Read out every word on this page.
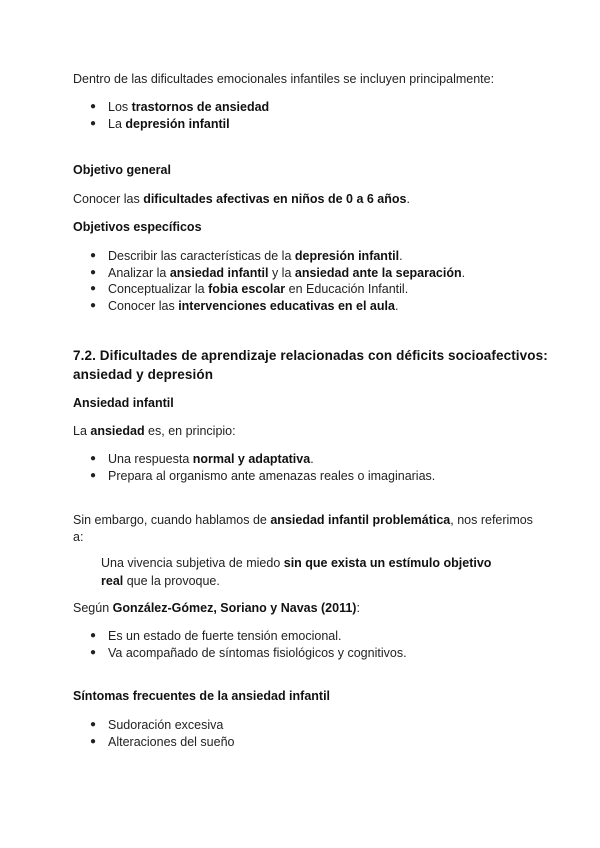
Dentro de las dificultades emocionales infantiles se incluyen principalmente:
● Los trastornos de ansiedad
● La depresión infantil
Objetivo general
Conocer las dificultades afectivas en niños de 0 a 6 años.
Objetivos específicos
● Describir las características de la depresión infantil.
● Analizar la ansiedad infantil y la ansiedad ante la separación.
● Conceptualizar la fobia escolar en Educación Infantil.
● Conocer las intervenciones educativas en el aula.
7.2. Dificultades de aprendizaje relacionadas con déficits socioafectivos:
ansiedad y depresión
Ansiedad infantil
La ansiedad es, en principio:
● Una respuesta normal y adaptativa.
● Prepara al organismo ante amenazas reales o imaginarias.
Sin embargo, cuando hablamos de ansiedad infantil problemática, nos referimos
a:
Una vivencia subjetiva de miedo sin que exista un estímulo objetivo
real que la provoque.
Según González-Gómez, Soriano y Navas (2011):
● Es un estado de fuerte tensión emocional.
● Va acompañado de síntomas fisiológicos y cognitivos.
Síntomas frecuentes de la ansiedad infantil
● Sudoración excesiva
● Alteraciones del sueño
